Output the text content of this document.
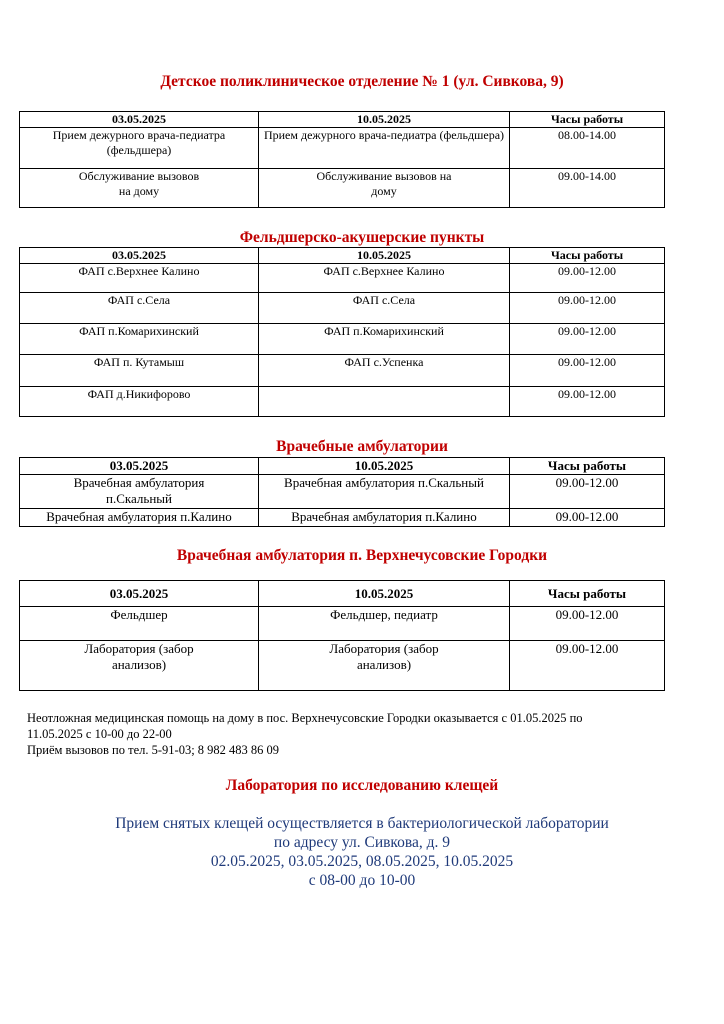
Детское поликлиническое отделение № 1 (ул. Сивкова, 9)
03.05.2025	10.05.2025	Часы работы
Прием дежурного врача-педиатра (фельдшера)	Прием дежурного врача-педиатра (фельдшера)	08.00-14.00

Обслуживание вызовов на дому	Обслуживание вызовов на дому	09.00-14.00
Фельдшерско-акушерские пункты
03.05.2025	10.05.2025	Часы работы
ФАП с.Верхнее Калино	ФАП с.Верхнее Калино	09.00-12.00
ФАП с.Села	ФАП с.Села	09.00-12.00
ФАП п.Комарихинский	ФАП п.Комарихинский	09.00-12.00
ФАП п. Кутамыш	ФАП с.Успенка	09.00-12.00
ФАП д.Никифорово		09.00-12.00
Врачебные амбулатории
03.05.2025	10.05.2025	Часы работы

Врачебная амбулатория п.Скальный	Врачебная амбулатория п.Скальный	09.00-12.00
Врачебная амбулатория п.Калино	Врачебная амбулатория п.Калино	09.00-12.00
Врачебная амбулатория п. Верхнечусовские Городки
03.05.2025	10.05.2025	Часы работы
Фельдшер	Фельдшер, педиатр	09.00-12.00

Лаборатория (забор анализов)	Лаборатория (забор анализов)	09.00-12.00
Неотложная медицинская помощь на дому в пос. Верхнечусовские Городки оказывается с 01.05.2025 по
11.05.2025 с 10-00 до 22-00
Приём вызовов по тел. 5-91-03; 8 982 483 86 09
Лаборатория по исследованию клещей
Прием снятых клещей осуществляется в бактериологической лаборатории
по адресу ул. Сивкова, д. 9
02.05.2025, 03.05.2025, 08.05.2025, 10.05.2025
с 08-00 до 10-00
